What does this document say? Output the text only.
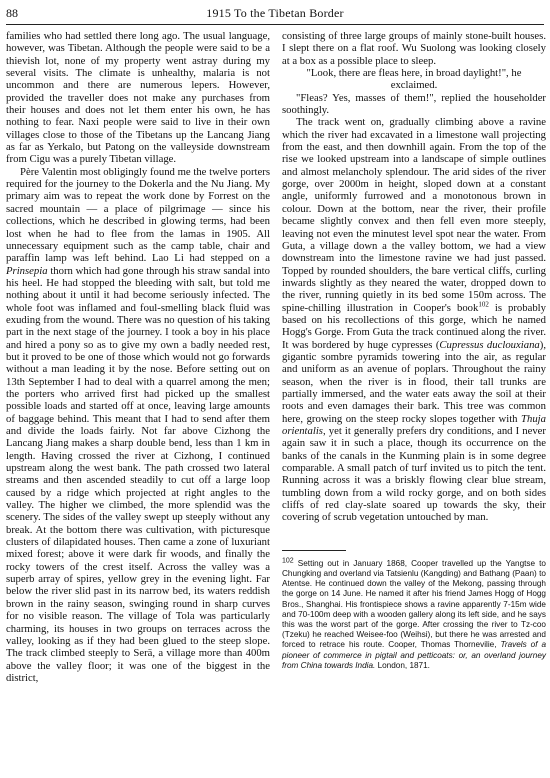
88	1915 To the Tibetan Border

families who had settled there long ago. The usual language, however, was Tibetan. Although the people were said to be a thievish lot, none of my property went astray during my several visits. The climate is unhealthy, malaria is not uncommon and there are numerous lepers. However, provided the traveller does not make any purchases from their houses and does not let them enter his own, he has nothing to fear. Naxi people were said to live in their own villages close to those of the Tibetans up the Lancang Jiang as far as Yerkalo, but Patong on the valleyside downstream from Cigu was a purely Tibetan village.

Père Valentin most obligingly found me the twelve porters required for the journey to the Dokerla and the Nu Jiang. My primary aim was to repeat the work done by Forrest on the sacred mountain — a place of pilgrimage — since his collections, which he described in glowing terms, had been lost when he had to flee from the lamas in 1905. All unnecessary equipment such as the camp table, chair and paraffin lamp was left behind. Lao Li had stepped on a Prinsepia thorn which had gone through his straw sandal into his heel. He had stopped the bleeding with salt, but told me nothing about it until it had become seriously infected. The whole foot was inflamed and foul-smelling black fluid was exuding from the wound. There was no question of his taking part in the next stage of the journey. I took a boy in his place and hired a pony so as to give my own a badly needed rest, but it proved to be one of those which would not go forwards without a man leading it by the nose. Before setting out on 13th September I had to deal with a quarrel among the men; the porters who arrived first had picked up the smallest possible loads and started off at once, leaving large amounts of baggage behind. This meant that I had to send after them and divide the loads fairly. Not far above Cizhong the Lancang Jiang makes a sharp double bend, less than 1 km in length. Having crossed the river at Cizhong, I continued upstream along the west bank. The path crossed two lateral streams and then ascended steadily to cut off a large loop caused by a ridge which projected at right angles to the valley. The higher we climbed, the more splendid was the scenery. The sides of the valley swept up steeply without any break. At the bottom there was cultivation, with picturesque clusters of dilapidated houses. Then came a zone of luxuriant mixed forest; above it were dark fir woods, and finally the rocky towers of the crest itself. Across the valley was a superb array of spires, yellow grey in the evening light. Far below the river slid past in its narrow bed, its waters reddish brown in the rainy season, swinging round in sharp curves for no visible reason. The village of Tola was particularly charming, its houses in two groups on terraces across the valley, looking as if they had been glued to the steep slope. The track climbed steeply to Serä, a village more than 400m above the valley floor; it was one of the biggest in the district,

consisting of three large groups of mainly stone-built houses. I slept there on a flat roof. Wu Suolong was looking closely at a box as a possible place to sleep.

"Look, there are fleas here, in broad daylight!", he exclaimed.

"Fleas? Yes, masses of them!", replied the householder soothingly.

The track went on, gradually climbing above a ravine which the river had excavated in a limestone wall projecting from the east, and then downhill again. From the top of the rise we looked upstream into a landscape of simple outlines and almost melancholy splendour. The arid sides of the river gorge, over 2000m in height, sloped down at a constant angle, uniformly furrowed and a monotonous brown in colour. Down at the bottom, near the river, their profile became slightly convex and then fell even more steeply, leaving not even the minutest level spot near the water. From Guta, a village down a the valley bottom, we had a view downstream into the limestone ravine we had just passed. Topped by rounded shoulders, the bare vertical cliffs, curling inwards slightly as they neared the water, dropped down to the river, running quietly in its bed some 150m across. The spine-chilling illustration in Cooper's book$^{102}$ is probably based on his recollections of this gorge, which he named Hogg's Gorge. From Guta the track continued along the river. It was bordered by huge cypresses (Cupressus duclouxiana), gigantic sombre pyramids towering into the air, as regular and uniform as an avenue of poplars. Throughout the rainy season, when the river is in flood, their tall trunks are partially immersed, and the water eats away the soil at their roots and even damages their bark. This tree was common here, growing on the steep rocky slopes together with Thuja orientalis, yet it generally prefers dry conditions, and I never again saw it in such a place, though its occurrence on the banks of the canals in the Kunming plain is in some degree comparable. A small patch of turf invited us to pitch the tent. Running across it was a briskly flowing clear blue stream, tumbling down from a wild rocky gorge, and on both sides cliffs of red clay-slate soared up towards the sky, their covering of scrub vegetation untouched by man.

$^{102}$ Setting out in January 1868, Cooper travelled up the Yangtse to Chungking and overland via Tatsienlu (Kangding) and Bathang (Paan) to Atentse. He continued down the valley of the Mekong, passing through the gorge on 14 June. He named it after his friend James Hogg of Hogg Bros., Shanghai. His frontispiece shows a ravine apparently 7-15m wide and 70-100m deep with a wooden gallery along its left side, and he says this was the worst part of the gorge. After crossing the river to Tz-coo (Tzeku) he reached Weisee-foo (Weihsi), but there he was arrested and forced to retrace his route. Cooper, Thomas Thornevilie, Travels of a pioneer of commerce in pigtail and petticoats: or, an overland journey from China towards India. London, 1871.
